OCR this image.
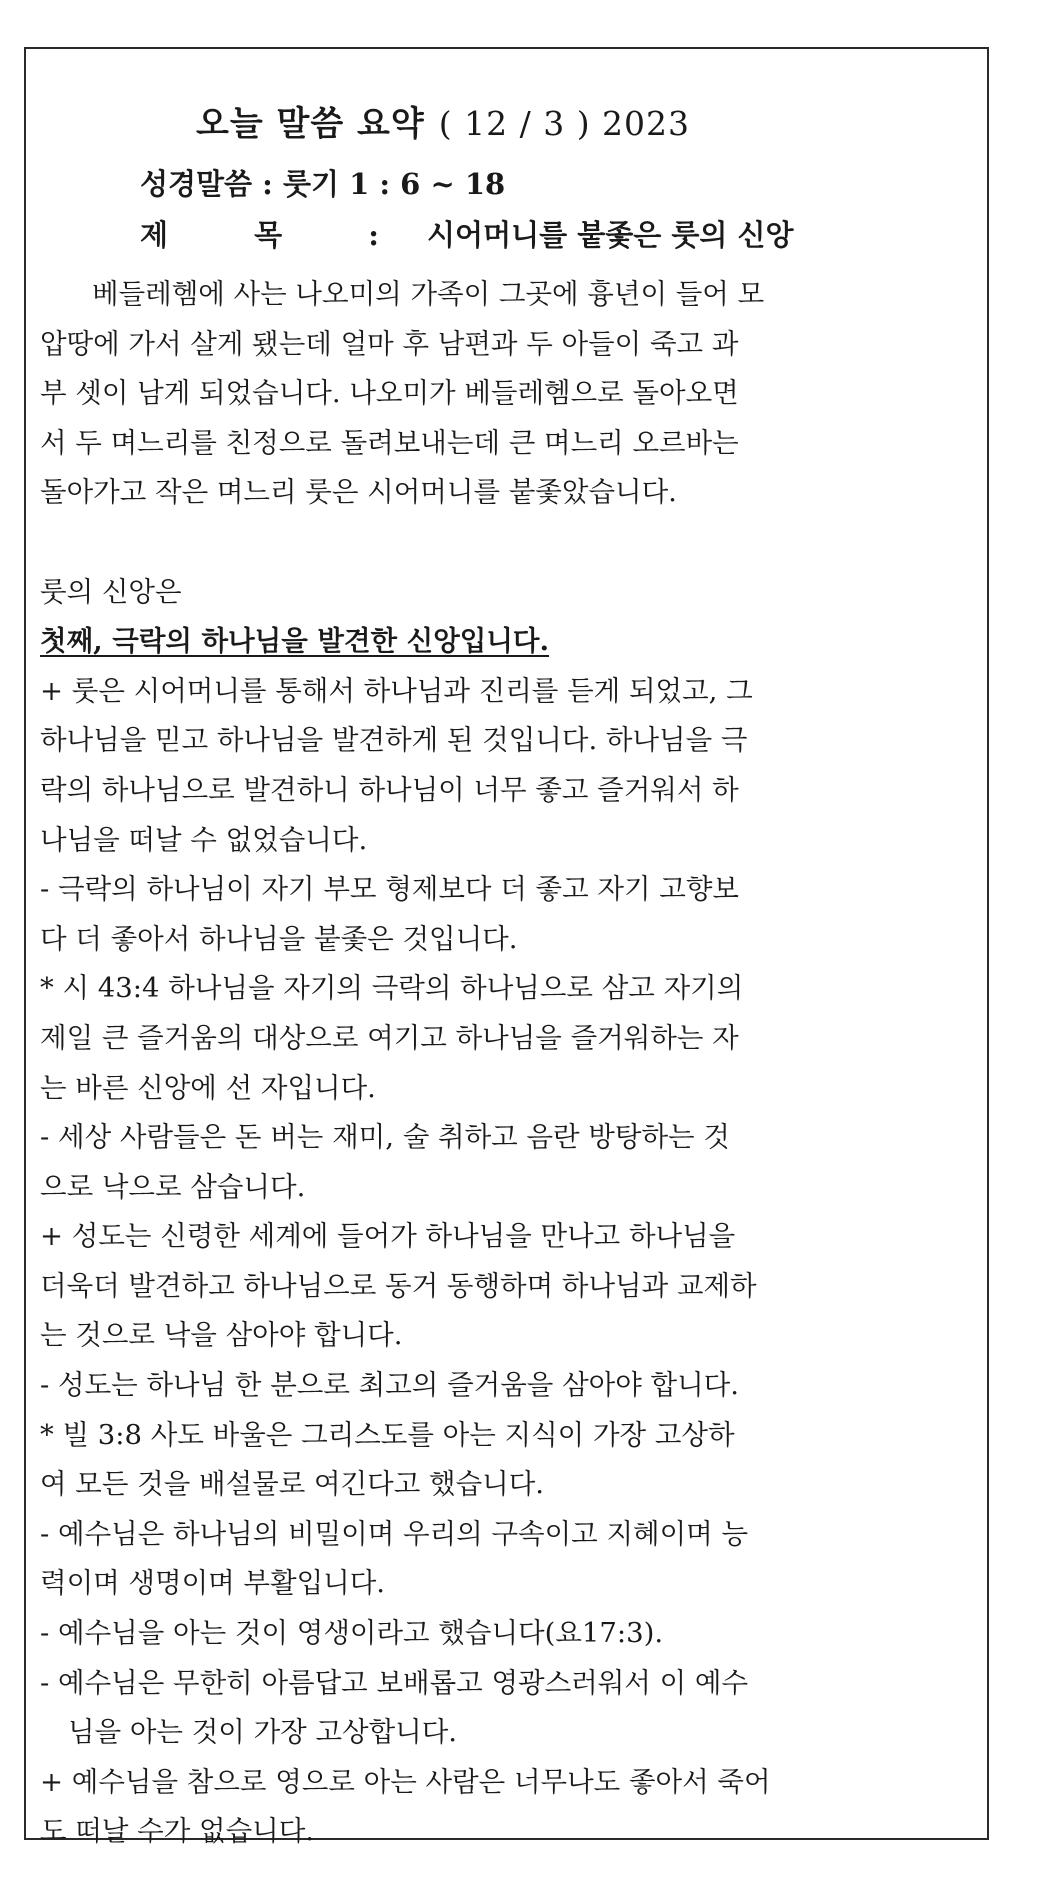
오늘 말씀 요약 ( 12 / 3 ) 2023
성경말씀 : 룻기 1 : 6 ~ 18
제 목 : 시어머니를 붙좇은 룻의 신앙
베들레헴에 사는 나오미의 가족이 그곳에 흉년이 들어 모
압땅에 가서 살게 됐는데 얼마 후 남편과 두 아들이 죽고 과
부 셋이 남게 되었습니다. 나오미가 베들레헴으로 돌아오면
서 두 며느리를 친정으로 돌려보내는데 큰 며느리 오르바는
돌아가고 작은 며느리 룻은 시어머니를 붙좇았습니다.
룻의 신앙은
첫째, 극락의 하나님을 발견한 신앙입니다.
+ 룻은 시어머니를 통해서 하나님과 진리를 듣게 되었고, 그
하나님을 믿고 하나님을 발견하게 된 것입니다. 하나님을 극
락의 하나님으로 발견하니 하나님이 너무 좋고 즐거워서 하
나님을 떠날 수 없었습니다.
- 극락의 하나님이 자기 부모 형제보다 더 좋고 자기 고향보
다 더 좋아서 하나님을 붙좇은 것입니다.
* 시 43:4 하나님을 자기의 극락의 하나님으로 삼고 자기의
제일 큰 즐거움의 대상으로 여기고 하나님을 즐거워하는 자
는 바른 신앙에 선 자입니다.
- 세상 사람들은 돈 버는 재미, 술 취하고 음란 방탕하는 것
으로 낙으로 삼습니다.
+ 성도는 신령한 세계에 들어가 하나님을 만나고 하나님을
더욱더 발견하고 하나님으로 동거 동행하며 하나님과 교제하
는 것으로 낙을 삼아야 합니다.
- 성도는 하나님 한 분으로 최고의 즐거움을 삼아야 합니다.
* 빌 3:8 사도 바울은 그리스도를 아는 지식이 가장 고상하
여 모든 것을 배설물로 여긴다고 했습니다.
- 예수님은 하나님의 비밀이며 우리의 구속이고 지혜이며 능
력이며 생명이며 부활입니다.
- 예수님을 아는 것이 영생이라고 했습니다(요17:3).
- 예수님은 무한히 아름답고 보배롭고 영광스러워서 이 예수
님을 아는 것이 가장 고상합니다.
+ 예수님을 참으로 영으로 아는 사람은 너무나도 좋아서 죽어
도 떠날 수가 없습니다.
